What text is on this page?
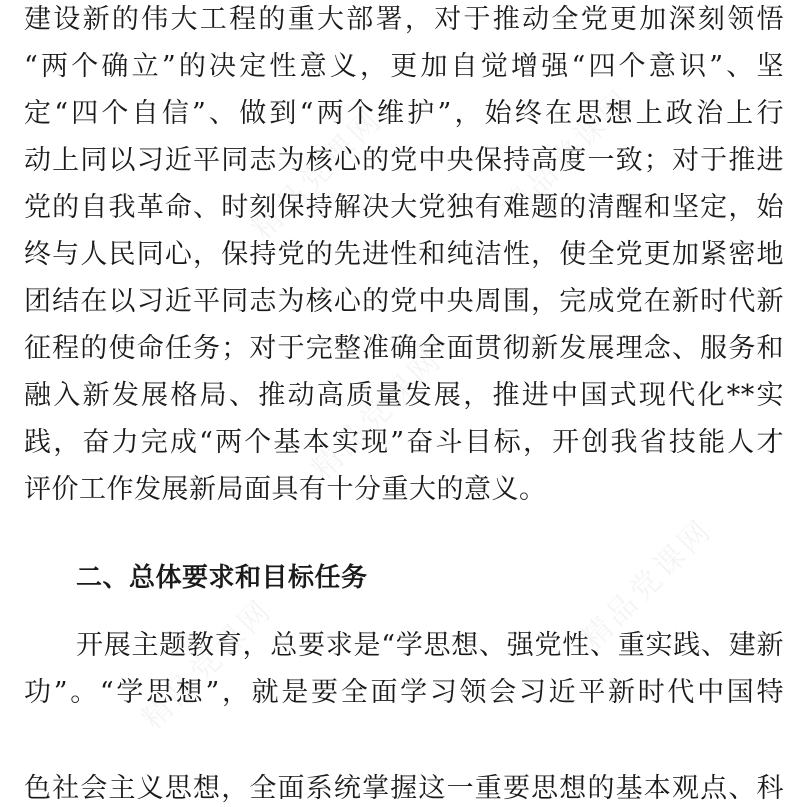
建设新的伟大工程的重大部署，对于推动全党更加深刻领悟
“两个确立”的决定性意义，更加自觉增强“四个意识”、坚
定“四个自信”、做到“两个维护”，始终在思想上政治上行
动上同以习近平同志为核心的党中央保持高度一致；对于推进
党的自我革命、时刻保持解决大党独有难题的清醒和坚定，始
终与人民同心，保持党的先进性和纯洁性，使全党更加紧密地
团结在以习近平同志为核心的党中央周围，完成党在新时代新
征程的使命任务；对于完整准确全面贯彻新发展理念、服务和
融入新发展格局、推动高质量发展，推进中国式现代化**实
践，奋力完成“两个基本实现”奋斗目标，开创我省技能人才
评价工作发展新局面具有十分重大的意义。
二、总体要求和目标任务
开展主题教育，总要求是“学思想、强党性、重实践、建新
功”。“学思想”，就是要全面学习领会习近平新时代中国特
色社会主义思想，全面系统掌握这一重要思想的基本观点、科
